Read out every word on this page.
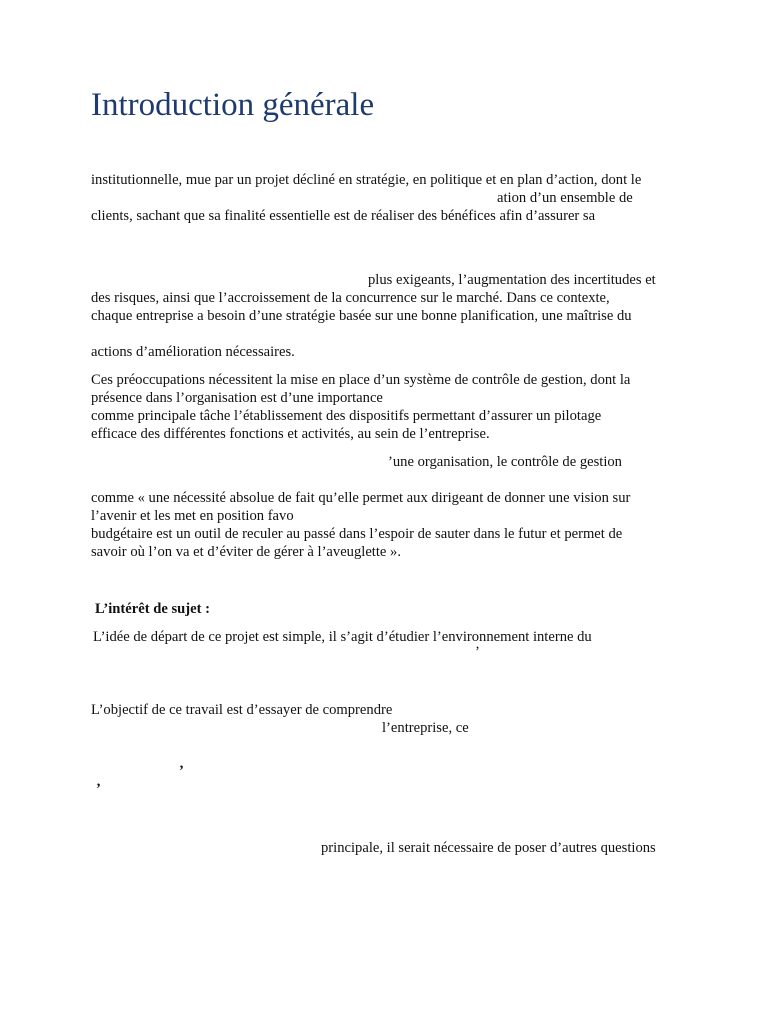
Introduction générale

institutionnelle, mue par un projet décliné en stratégie, en politique et en plan d’action, dont le

ation d’un ensemble de

clients, sachant que sa finalité essentielle est de réaliser des bénéfices afin d’assurer sa

plus exigeants, l’augmentation des incertitudes et

des risques, ainsi que l’accroissement de la concurrence sur le marché. Dans ce contexte,

chaque entreprise a besoin d’une stratégie basée sur une bonne planification, une maîtrise du

actions d’amélioration nécessaires.

Ces préoccupations nécessitent la mise en place d’un système de contrôle de gestion, dont la

présence dans l’organisation est d’une importance

comme principale tâche l’établissement des dispositifs permettant d’assurer un pilotage

efficace des différentes fonctions et activités, au sein de l’entreprise.

’une organisation, le contrôle de gestion

comme « une nécessité absolue de fait qu’elle permet aux dirigeant de donner une vision sur

l’avenir et les met en position favo

budgétaire est un outil de reculer au passé dans l’espoir de sauter dans le futur et permet de

savoir où l’on va et d’éviter de gérer à l’aveuglette ».

L’intérêt de sujet :

L’idée de départ de ce projet est simple, il s’agit d’étudier l’environnement interne du

’

L’objectif de ce travail est d’essayer de comprendre

l’entreprise, ce

’
’

principale, il serait nécessaire de poser d’autres questions
